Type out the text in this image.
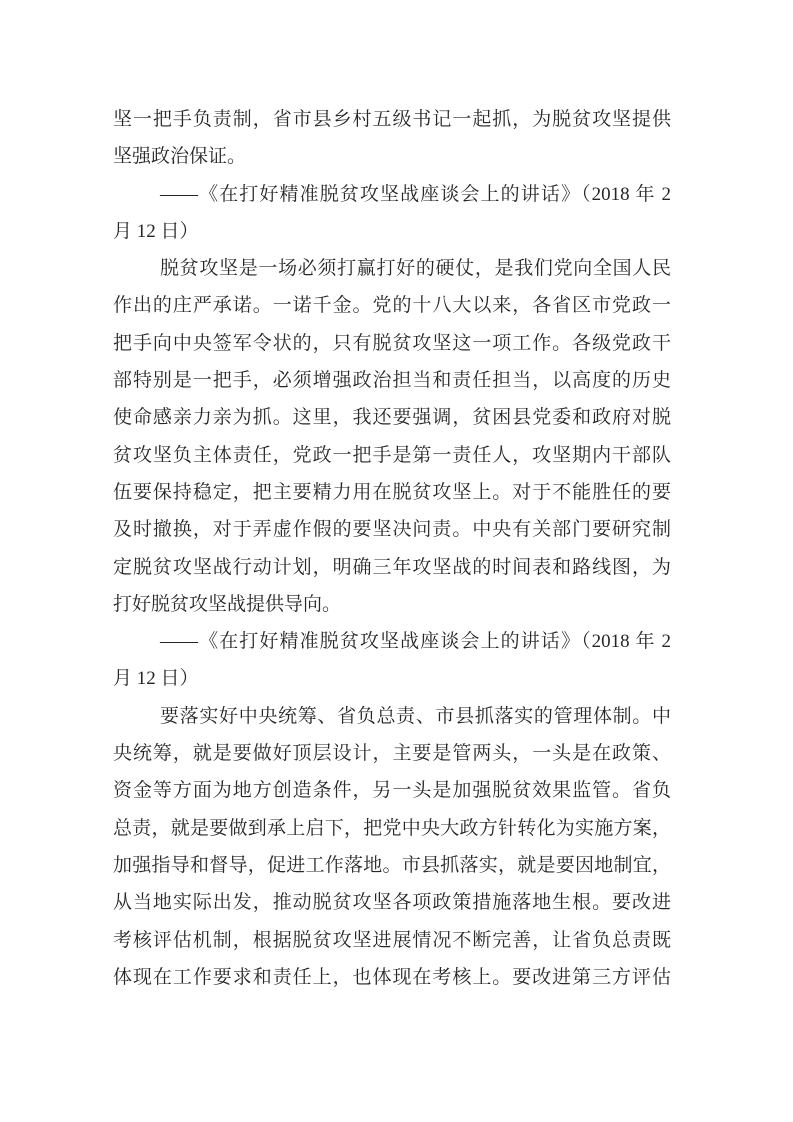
坚一把手负责制，省市县乡村五级书记一起抓，为脱贫攻坚提供
坚强政治保证。
——《在打好精准脱贫攻坚战座谈会上的讲话》（2018 年 2
月 12 日）
脱贫攻坚是一场必须打赢打好的硬仗，是我们党向全国人民
作出的庄严承诺。一诺千金。党的十八大以来，各省区市党政一
把手向中央签军令状的，只有脱贫攻坚这一项工作。各级党政干
部特别是一把手，必须增强政治担当和责任担当，以高度的历史
使命感亲力亲为抓。这里，我还要强调，贫困县党委和政府对脱
贫攻坚负主体责任，党政一把手是第一责任人，攻坚期内干部队
伍要保持稳定，把主要精力用在脱贫攻坚上。对于不能胜任的要
及时撤换，对于弄虚作假的要坚决问责。中央有关部门要研究制
定脱贫攻坚战行动计划，明确三年攻坚战的时间表和路线图，为
打好脱贫攻坚战提供导向。
——《在打好精准脱贫攻坚战座谈会上的讲话》（2018 年 2
月 12 日）
要落实好中央统筹、省负总责、市县抓落实的管理体制。中
央统筹，就是要做好顶层设计，主要是管两头，一头是在政策、
资金等方面为地方创造条件，另一头是加强脱贫效果监管。省负
总责，就是要做到承上启下，把党中央大政方针转化为实施方案，
加强指导和督导，促进工作落地。市县抓落实，就是要因地制宜，
从当地实际出发，推动脱贫攻坚各项政策措施落地生根。要改进
考核评估机制，根据脱贫攻坚进展情况不断完善，让省负总责既
体现在工作要求和责任上，也体现在考核上。要改进第三方评估
